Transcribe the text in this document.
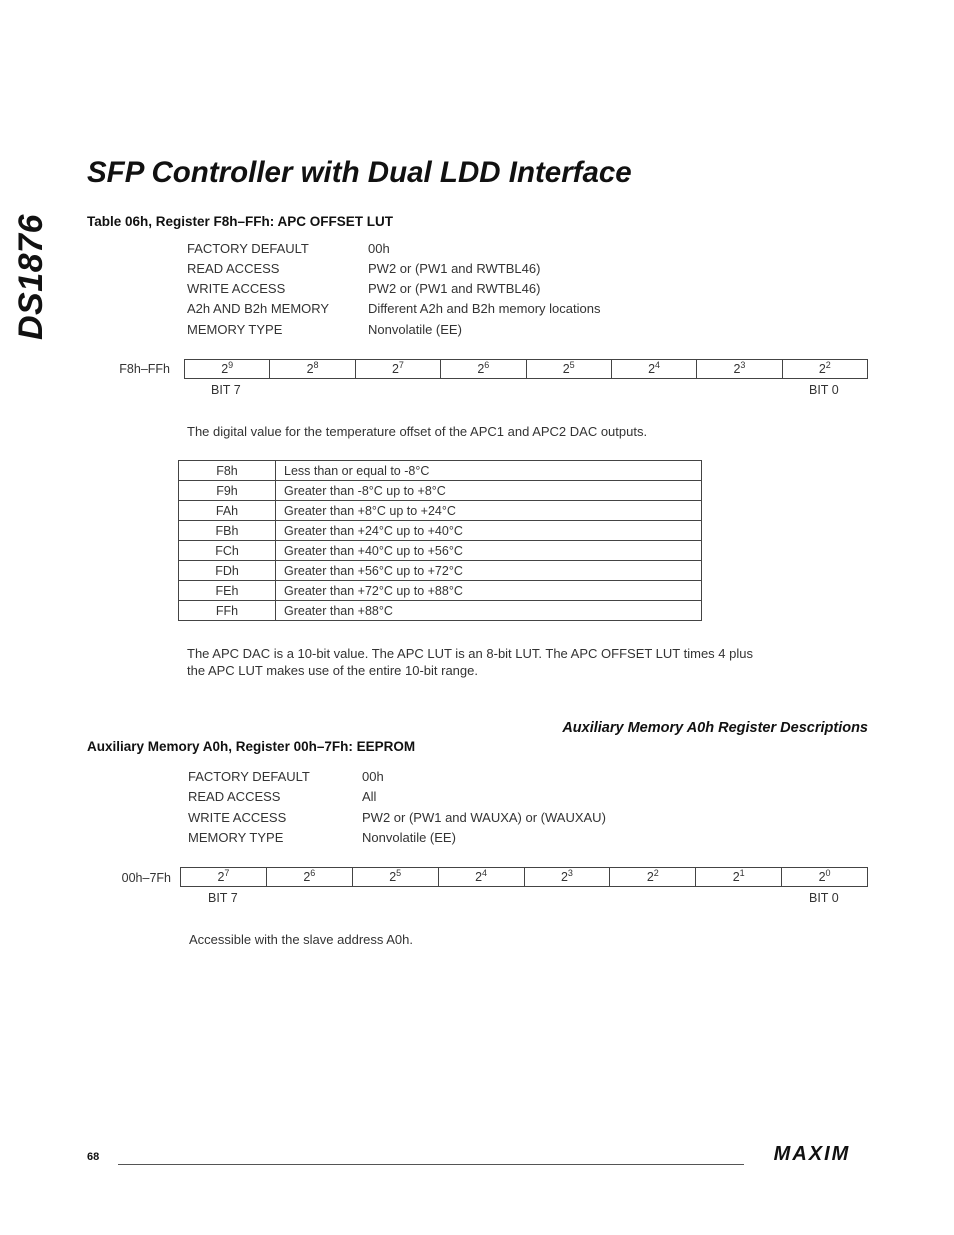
DS1876
SFP Controller with Dual LDD Interface
Table 06h, Register F8h–FFh: APC OFFSET LUT
FACTORY DEFAULT	00h
READ ACCESS	PW2 or (PW1 and RWTBL46)
WRITE ACCESS	PW2 or (PW1 and RWTBL46)
A2h AND B2h MEMORY	Different A2h and B2h memory locations
MEMORY TYPE	Nonvolatile (EE)
F8h–FFh	$2^9$	$2^8$	$2^7$	$2^6$	$2^5$	$2^4$	$2^3$	$2^2$
BIT 7	BIT 0
The digital value for the temperature offset of the APC1 and APC2 DAC outputs.
F8h	Less than or equal to -8°C
F9h	Greater than -8°C up to +8°C
FAh	Greater than +8°C up to +24°C
FBh	Greater than +24°C up to +40°C
FCh	Greater than +40°C up to +56°C
FDh	Greater than +56°C up to +72°C
FEh	Greater than +72°C up to +88°C
FFh	Greater than +88°C
The APC DAC is a 10-bit value. The APC LUT is an 8-bit LUT. The APC OFFSET LUT times 4 plus
the APC LUT makes use of the entire 10-bit range.
Auxiliary Memory A0h Register Descriptions
Auxiliary Memory A0h, Register 00h–7Fh: EEPROM
FACTORY DEFAULT	00h
READ ACCESS	All
WRITE ACCESS	PW2 or (PW1 and WAUXA) or (WAUXAU)
MEMORY TYPE	Nonvolatile (EE)
00h–7Fh	$2^7$	$2^6$	$2^5$	$2^4$	$2^3$	$2^2$	$2^1$	$2^0$
BIT 7	BIT 0
Accessible with the slave address A0h.
68	MAXIM
